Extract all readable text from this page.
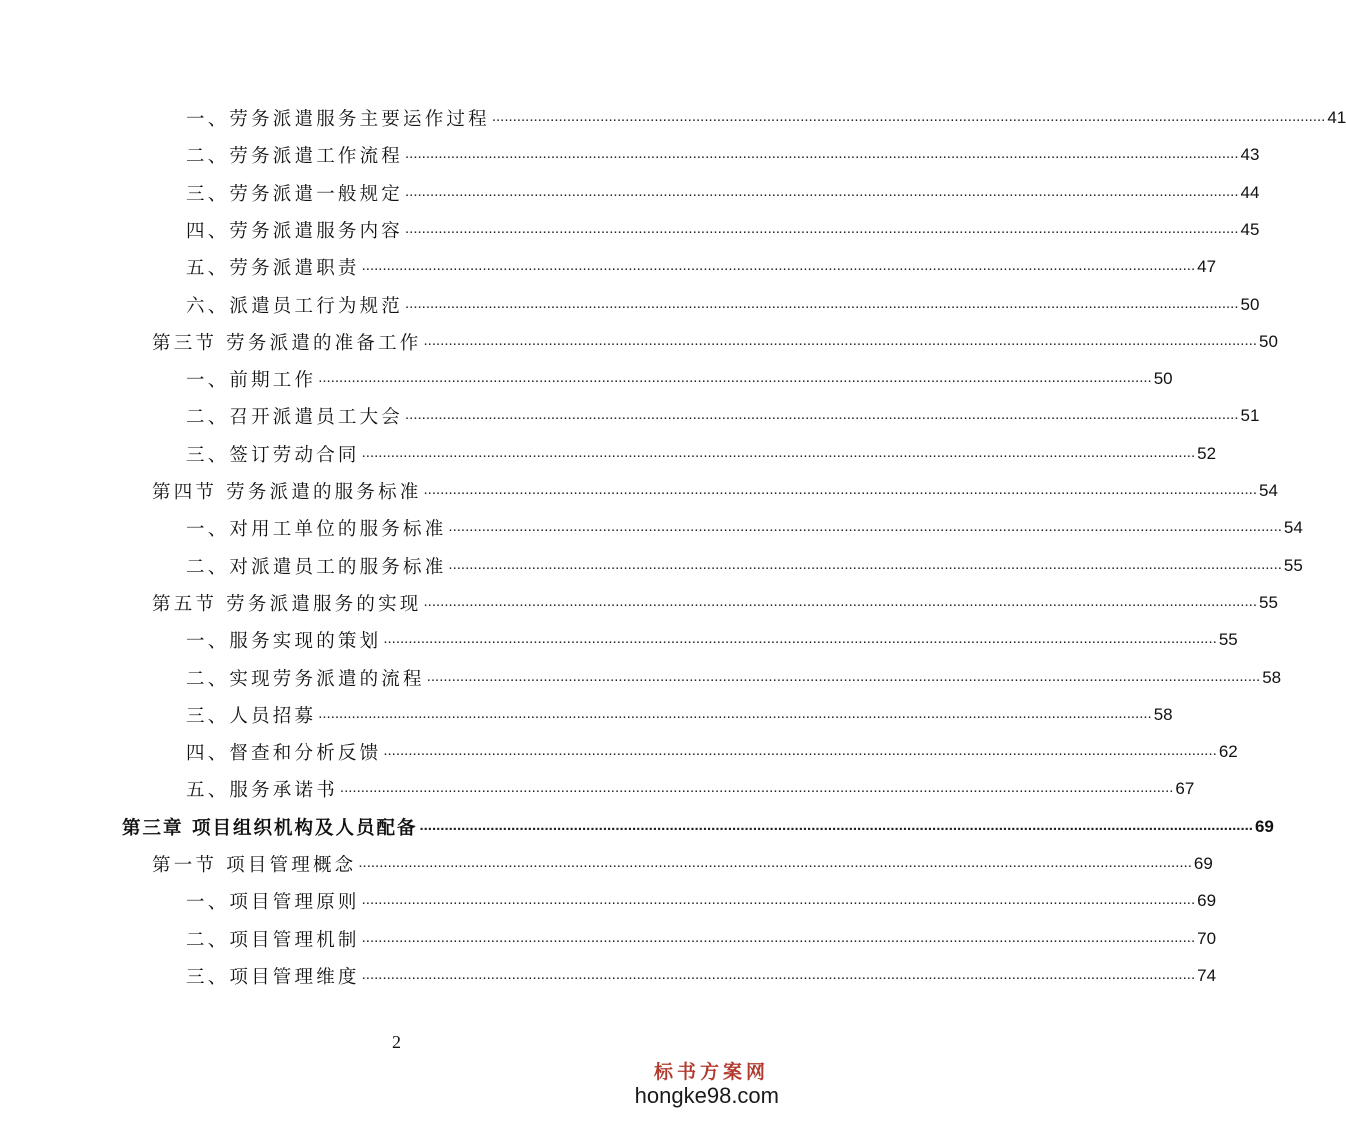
一、劳务派遣服务主要运作过程 ........................................................................................................................................................................................................ 41
二、劳务派遣工作流程 ........................................................................................................................................................................................................ 43
三、劳务派遣一般规定 ........................................................................................................................................................................................................ 44
四、劳务派遣服务内容 ........................................................................................................................................................................................................ 45
五、劳务派遣职责 ........................................................................................................................................................................................................ 47
六、派遣员工行为规范 ........................................................................................................................................................................................................ 50
第三节 劳务派遣的准备工作 ........................................................................................................................................................................................................ 50
一、前期工作 ........................................................................................................................................................................................................ 50
二、召开派遣员工大会 ........................................................................................................................................................................................................ 51
三、签订劳动合同 ........................................................................................................................................................................................................ 52
第四节 劳务派遣的服务标准 ........................................................................................................................................................................................................ 54
一、对用工单位的服务标准 ........................................................................................................................................................................................................ 54
二、对派遣员工的服务标准 ........................................................................................................................................................................................................ 55
第五节 劳务派遣服务的实现 ........................................................................................................................................................................................................ 55
一、服务实现的策划 ........................................................................................................................................................................................................ 55
二、实现劳务派遣的流程 ........................................................................................................................................................................................................ 58
三、人员招募 ........................................................................................................................................................................................................ 58
四、督查和分析反馈 ........................................................................................................................................................................................................ 62
五、服务承诺书 ........................................................................................................................................................................................................ 67
第三章 项目组织机构及人员配备 ........................................................................................................................................................................................................ 69
第一节 项目管理概念 ........................................................................................................................................................................................................ 69
一、项目管理原则 ........................................................................................................................................................................................................ 69
二、项目管理机制 ........................................................................................................................................................................................................ 70
三、项目管理维度 ........................................................................................................................................................................................................ 74
2
标书方案网
hongke98.com
